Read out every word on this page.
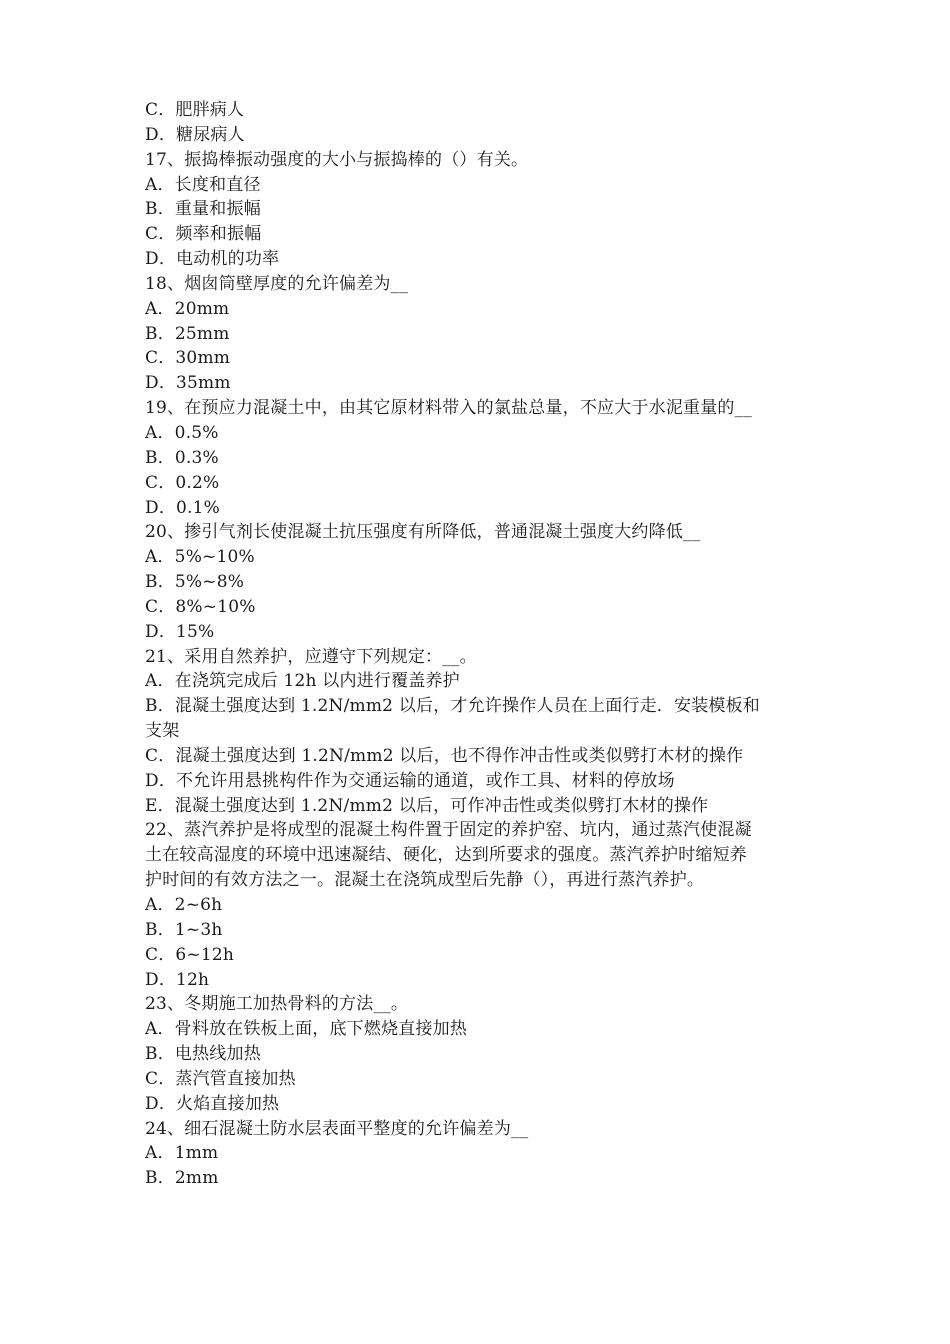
C．肥胖病人
D．糖尿病人
17、振捣棒振动强度的大小与振捣棒的（）有关。
A．长度和直径
B．重量和振幅
C．频率和振幅
D．电动机的功率
18、烟囱筒壁厚度的允许偏差为__
A．20mm
B．25mm
C．30mm
D．35mm
19、在预应力混凝土中，由其它原材料带入的氯盐总量，不应大于水泥重量的__
A．0.5%
B．0.3%
C．0.2%
D．0.1%
20、掺引气剂长使混凝土抗压强度有所降低，普通混凝土强度大约降低__
A．5%~10%
B．5%~8%
C．8%~10%
D．15%
21、采用自然养护，应遵守下列规定：__。
A．在浇筑完成后 12h 以内进行覆盖养护
B．混凝土强度达到 1.2N/mm2 以后，才允许操作人员在上面行走．安装模板和
支架
C．混凝土强度达到 1.2N/mm2 以后，也不得作冲击性或类似劈打木材的操作
D．不允许用悬挑构件作为交通运输的通道，或作工具、材料的停放场
E．混凝土强度达到 1.2N/mm2 以后，可作冲击性或类似劈打木材的操作
22、蒸汽养护是将成型的混凝土构件置于固定的养护窑、坑内，通过蒸汽使混凝
土在较高湿度的环境中迅速凝结、硬化，达到所要求的强度。蒸汽养护时缩短养
护时间的有效方法之一。混凝土在浇筑成型后先静（），再进行蒸汽养护。
A．2~6h
B．1~3h
C．6~12h
D．12h
23、冬期施工加热骨料的方法__。
A．骨料放在铁板上面，底下燃烧直接加热
B．电热线加热
C．蒸汽管直接加热
D．火焰直接加热
24、细石混凝土防水层表面平整度的允许偏差为__
A．1mm
B．2mm
